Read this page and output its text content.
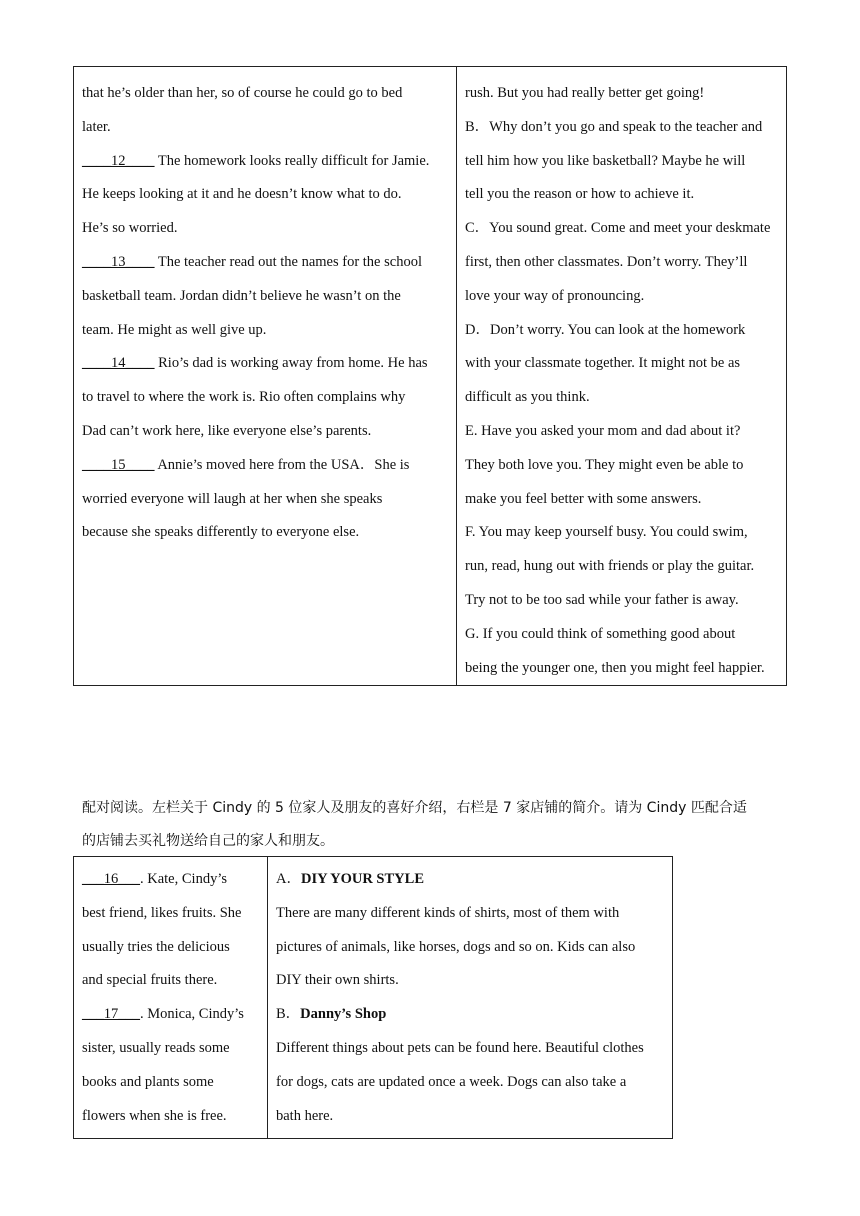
that he’s older than her, so of course he could go to bed
later.
____12____ The homework looks really difficult for Jamie.
He keeps looking at it and he doesn’t know what to do.
He’s so worried.
____13____ The teacher read out the names for the school
basketball team. Jordan didn’t believe he wasn’t on the
team. He might as well give up.
____14____ Rio’s dad is working away from home. He has
to travel to where the work is. Rio often complains why
Dad can’t work here, like everyone else’s parents.
____15____ Annie’s moved here from the USA．She is
worried everyone will laugh at her when she speaks
because she speaks differently to everyone else.
rush. But you had really better get going!
B．Why don’t you go and speak to the teacher and
tell him how you like basketball? Maybe he will
tell you the reason or how to achieve it.
C．You sound great. Come and meet your deskmate
first, then other classmates. Don’t worry. They’ll
love your way of pronouncing.
D．Don’t worry. You can look at the homework
with your classmate together. It might not be as
difficult as you think.
E. Have you asked your mom and dad about it?
They both love you. They might even be able to
make you feel better with some answers.
F. You may keep yourself busy. You could swim,
run, read, hung out with friends or play the guitar.
Try not to be too sad while your father is away.
G. If you could think of something good about
being the younger one, then you might feel happier.
配对阅读。左栏关于 Cindy 的 5 位家人及朋友的喜好介绍，右栏是 7 家店铺的简介。请为 Cindy 匹配合适
的店铺去买礼物送给自己的家人和朋友。
___16___. Kate, Cindy’s
best friend, likes fruits. She
usually tries the delicious
and special fruits there.
___17___. Monica, Cindy’s
sister, usually reads some
books and plants some
flowers when she is free.
A．DIY YOUR STYLE
There are many different kinds of shirts, most of them with
pictures of animals, like horses, dogs and so on. Kids can also
DIY their own shirts.
B．Danny’s Shop
Different things about pets can be found here. Beautiful clothes
for dogs, cats are updated once a week. Dogs can also take a
bath here.
